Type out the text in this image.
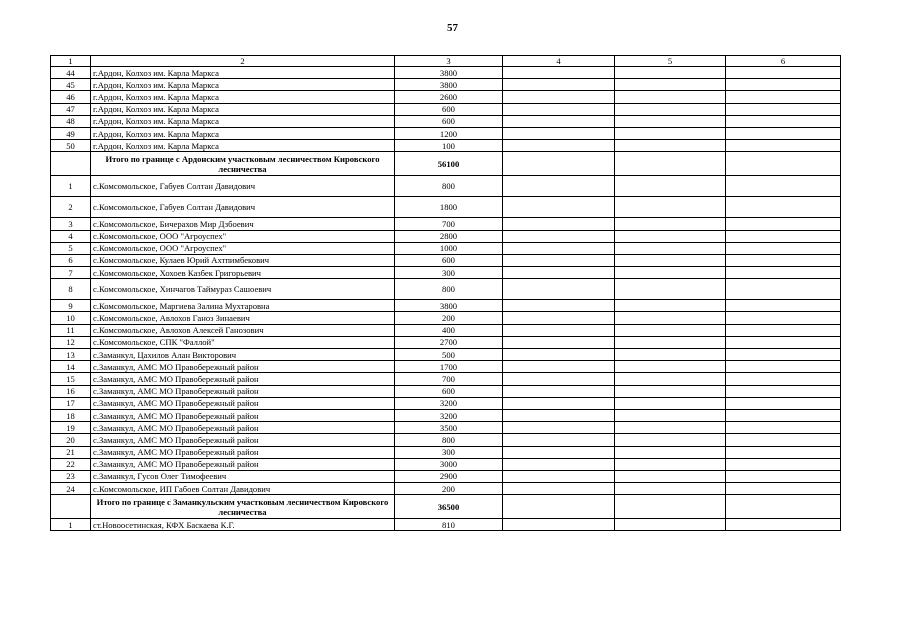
57
1	2	3	4	5	6
44	г.Ардон, Колхоз им. Карла Маркса	3800			
45	г.Ардон, Колхоз им. Карла Маркса	3800			
46	г.Ардон, Колхоз им. Карла Маркса	2600			
47	г.Ардон, Колхоз им. Карла Маркса	600			
48	г.Ардон, Колхоз им. Карла Маркса	600			
49	г.Ардон, Колхоз им. Карла Маркса	1200			
50	г.Ардон, Колхоз им. Карла Маркса	100			
	Итого по границе с Ардонским участковым лесничеством Кировского лесничества	56100			
1	с.Комсомольское, Габуев Солтан Давидович	800			
2	с.Комсомольское, Габуев Солтан Давидович	1800			
3	с.Комсомольское, Бичерахов Мир Дзбоевич	700			
4	с.Комсомольское, ООО "Агроуспех"	2800			
5	с.Комсомольское, ООО "Агроуспех"	1000			
6	с.Комсомольское, Кулаев Юрий Ахтпимбекович	600			
7	с.Комсомольское, Хохоев Казбек Григорьевич	300			
8	с.Комсомольское, Хинчагов Таймураз Сашоевич	800			
9	с.Комсомольское, Маргиева Залина Мухтаровна	3800			
10	с.Комсомольское, Авлохов Ганоз Зинаевич	200			
11	с.Комсомольское, Авлохов Алексей Ганозович	400			
12	с.Комсомольское, СПК "Фаллой"	2700			
13	с.Заманкул, Цахилов Алан Викторович	500			
14	с.Заманкул, АМС МО Правобережный район	1700			
15	с.Заманкул, АМС МО Правобережный район	700			
16	с.Заманкул, АМС МО Правобережный район	600			
17	с.Заманкул, АМС МО Правобережный район	3200			
18	с.Заманкул, АМС МО Правобережный район	3200			
19	с.Заманкул, АМС МО Правобережный район	3500			
20	с.Заманкул, АМС МО Правобережный район	800			
21	с.Заманкул, АМС МО Правобережный район	300			
22	с.Заманкул, АМС МО Правобережный район	3000			
23	с.Заманкул, Гусов Олег Тимофеевич	2900			
24	с.Комсомольское, ИП Габоев Солтан Давидович	200			
	Итого по границе с Заманкульским участковым лесничеством Кировского лесничества	36500			
1	ст.Новоосетинская, КФХ Баскаева К.Г.	810			
